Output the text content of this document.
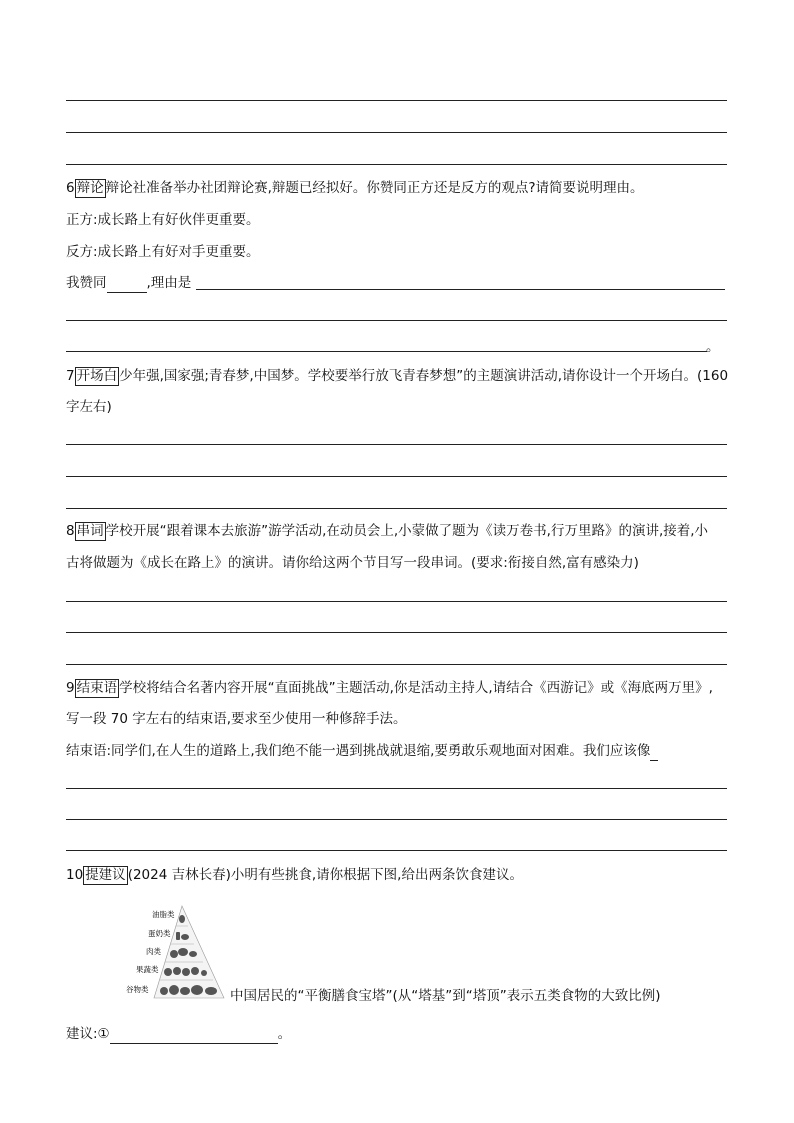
6 辩论 辩论社准备举办社团辩论赛,辩题已经拟好。你赞同正方还是反方的观点?请简要说明理由。
正方:成长路上有好伙伴更重要。
反方:成长路上有好对手更重要。
我赞同	,理由是
。
7 开场白 少年强,国家强;青春梦,中国梦。学校要举行放飞青春梦想”的主题演讲活动,请你设计一个开场白。(160
字左右)
8 串词 学校开展“跟着课本去旅游”游学活动,在动员会上,小蒙做了题为《读万卷书,行万里路》的演讲,接着,小
古将做题为《成长在路上》的演讲。请你给这两个节目写一段串词。(要求:衔接自然,富有感染力)
9 结束语 学校将结合名著内容开展“直面挑战”主题活动,你是活动主持人,请结合《西游记》或《海底两万里》,
写一段 70 字左右的结束语,要求至少使用一种修辞手法。
结束语:同学们,在人生的道路上,我们绝不能一遇到挑战就退缩,要勇敢乐观地面对困难。我们应该像
10 提建议 (2024 吉林长春)小明有些挑食,请你根据下图,给出两条饮食建议。
油脂类
蛋奶类
肉类
果蔬类
谷物类	中国居民的“平衡膳食宝塔”(从“塔基”到“塔顶”表示五类食物的大致比例)
建议:①	。
